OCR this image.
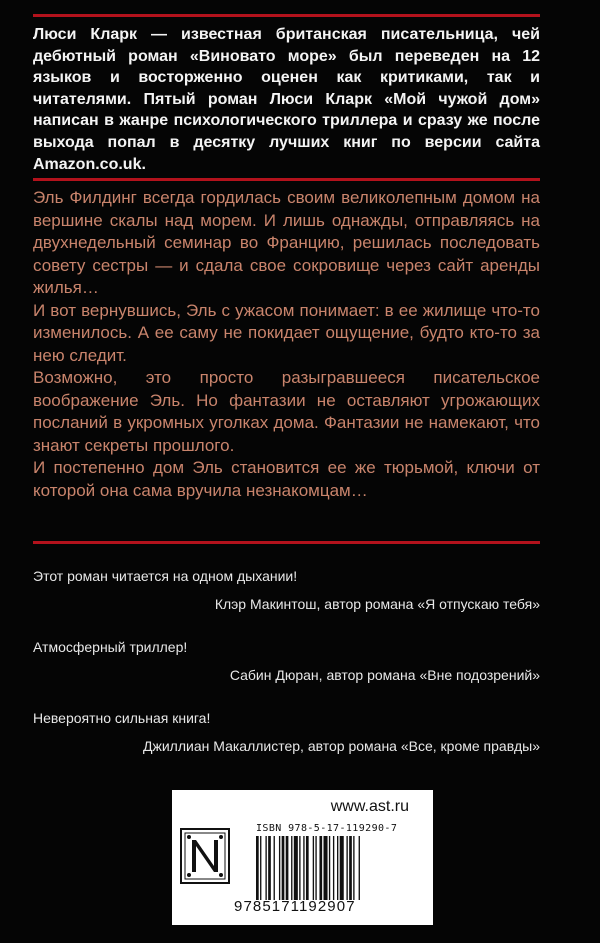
Люси Кларк — известная британская писательница, чей дебютный роман «Виновато море» был переведен на 12 языков и восторженно оценен как критиками, так и читателями. Пятый роман Люси Кларк «Мой чужой дом» написан в жанре психологического триллера и сразу же после выхода попал в десятку лучших книг по версии сайта Amazon.co.uk.

Эль Филдинг всегда гордилась своим великолепным домом на вершине скалы над морем. И лишь однажды, отправляясь на двухнедельный семинар во Францию, решилась последовать совету сестры — и сдала свое сокровище через сайт аренды жилья…

И вот вернувшись, Эль с ужасом понимает: в ее жилище что-то изменилось. А ее саму не покидает ощущение, будто кто-то за нею следит.

Возможно, это просто разыгравшееся писательское воображение Эль. Но фантазии не оставляют угрожающих посланий в укромных уголках дома. Фантазии не намекают, что знают секреты прошлого.

И постепенно дом Эль становится ее же тюрьмой, ключи от которой она сама вручила незнакомцам…

Этот роман читается на одном дыхании!

Клэр Макинтош, автор романа «Я отпускаю тебя»

Атмосферный триллер!

Сабин Дюран, автор романа «Вне подозрений»

Невероятно сильная книга!

Джиллиан Макаллистер, автор романа «Все, кроме правды»

www.ast.ru
ISBN 978-5-17-119290-7
9785171192907
